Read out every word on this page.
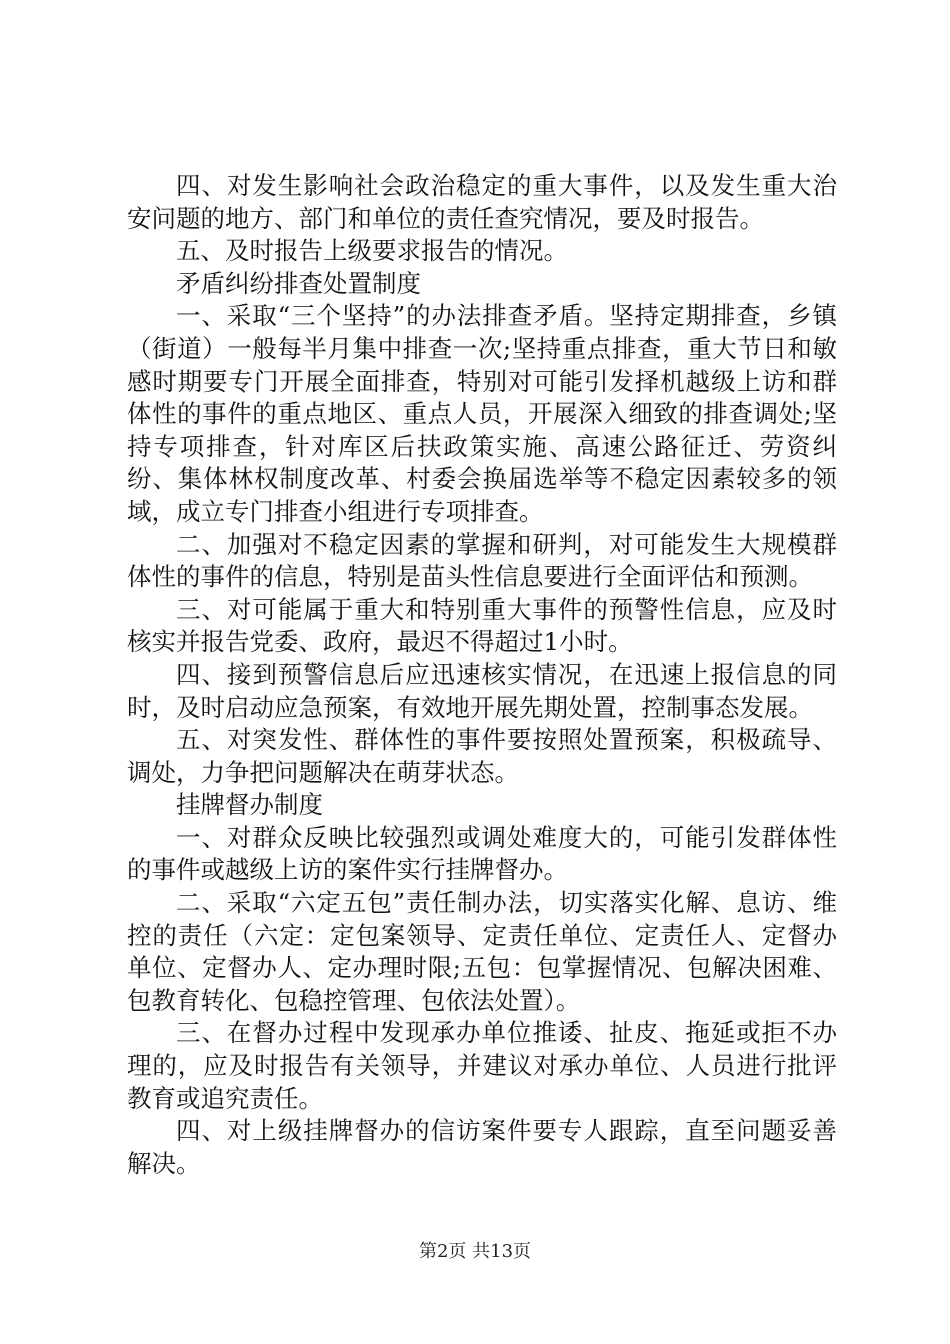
四、对发生影响社会政治稳定的重大事件，以及发生重大治安问题的地方、部门和单位的责任查究情况，要及时报告。

五、及时报告上级要求报告的情况。

矛盾纠纷排查处置制度

一、采取“三个坚持”的办法排查矛盾。坚持定期排查，乡镇（街道）一般每半月集中排查一次;坚持重点排查，重大节日和敏感时期要专门开展全面排查，特别对可能引发择机越级上访和群体性的事件的重点地区、重点人员，开展深入细致的排查调处;坚持专项排查，针对库区后扶政策实施、高速公路征迁、劳资纠纷、集体林权制度改革、村委会换届选举等不稳定因素较多的领域，成立专门排查小组进行专项排查。

二、加强对不稳定因素的掌握和研判，对可能发生大规模群体性的事件的信息，特别是苗头性信息要进行全面评估和预测。

三、对可能属于重大和特别重大事件的预警性信息，应及时核实并报告党委、政府，最迟不得超过1小时。

四、接到预警信息后应迅速核实情况，在迅速上报信息的同时，及时启动应急预案，有效地开展先期处置，控制事态发展。

五、对突发性、群体性的事件要按照处置预案，积极疏导、调处，力争把问题解决在萌芽状态。

挂牌督办制度

一、对群众反映比较强烈或调处难度大的，可能引发群体性的事件或越级上访的案件实行挂牌督办。

二、采取“六定五包”责任制办法，切实落实化解、息访、维控的责任（六定：定包案领导、定责任单位、定责任人、定督办单位、定督办人、定办理时限;五包：包掌握情况、包解决困难、包教育转化、包稳控管理、包依法处置）。

三、在督办过程中发现承办单位推诿、扯皮、拖延或拒不办理的，应及时报告有关领导，并建议对承办单位、人员进行批评教育或追究责任。

四、对上级挂牌督办的信访案件要专人跟踪，直至问题妥善解决。

第2页 共13页
